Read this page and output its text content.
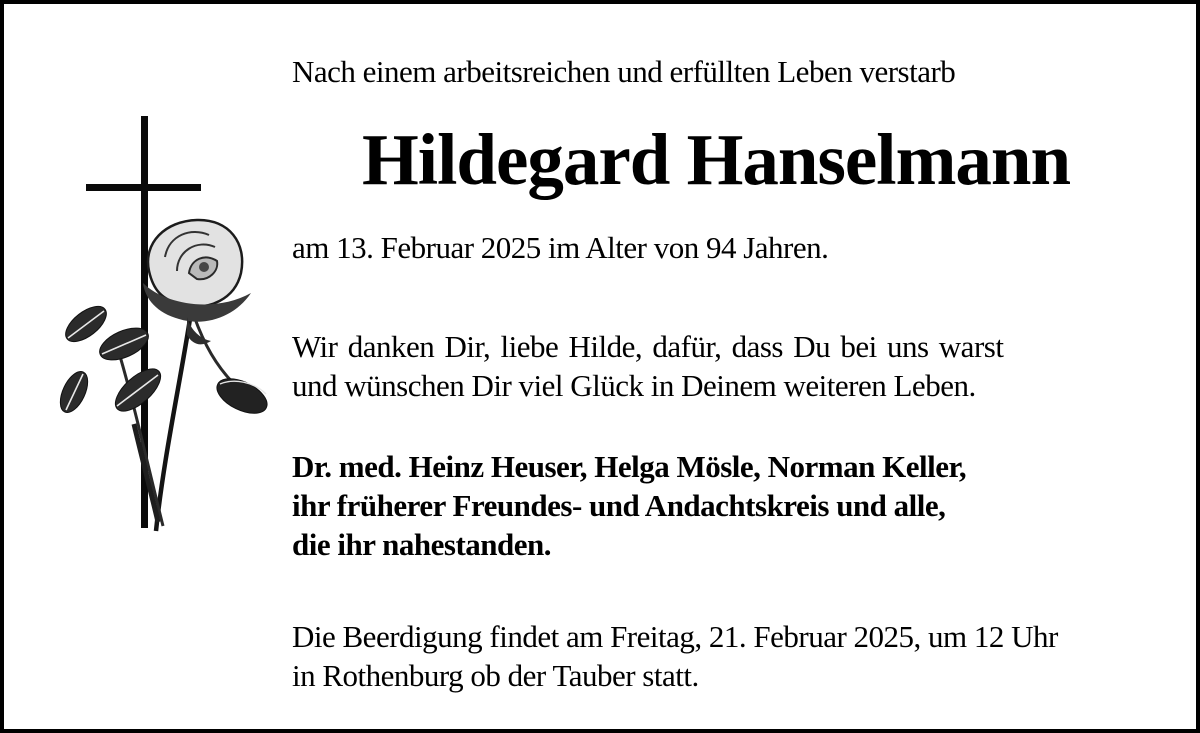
Nach einem arbeitsreichen und erfüllten Leben verstarb
Hildegard Hanselmann
am 13. Februar 2025 im Alter von 94 Jahren.
Wir danken Dir, liebe Hilde, dafür, dass Du bei uns warst
und wünschen Dir viel Glück in Deinem weiteren Leben.
Dr. med. Heinz Heuser, Helga Mösle, Norman Keller,
ihr früherer Freundes- und Andachtskreis und alle,
die ihr nahestanden.
Die Beerdigung findet am Freitag, 21. Februar 2025, um 12 Uhr
in Rothenburg ob der Tauber statt.
